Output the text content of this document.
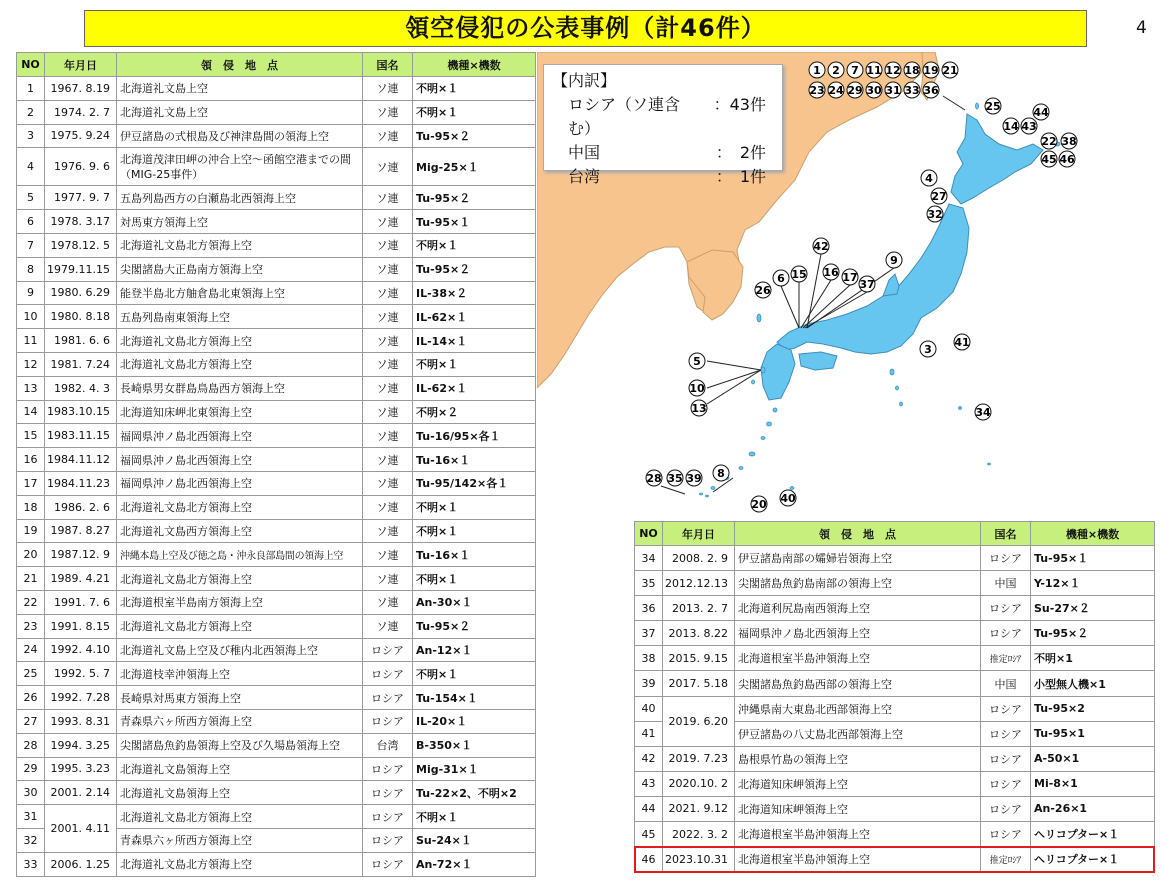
領空侵犯の公表事例（計46件）	4
NO	年月日	領　侵　地　点	国名	機種×機数
1	1967. 8.19	北海道礼文島上空	ソ連	不明×１
2	1974. 2. 7	北海道礼文島上空	ソ連	不明×１
3	1975. 9.24	伊豆諸島の式根島及び神津島間の領海上空	ソ連	Tu-95×２
4	1976. 9. 6	北海道茂津田岬の沖合上空～函館空港までの間（MIG-25事件）	ソ連	Mig-25×１
5	1977. 9. 7	五島列島西方の白瀬島北西領海上空	ソ連	Tu-95×２
6	1978. 3.17	対馬東方領海上空	ソ連	Tu-95×１
7	1978.12. 5	北海道礼文島北方領海上空	ソ連	不明×１
8	1979.11.15	尖閣諸島大正島南方領海上空	ソ連	Tu-95×２
9	1980. 6.29	能登半島北方舳倉島北東領海上空	ソ連	IL-38×２
10	1980. 8.18	五島列島南東領海上空	ソ連	IL-62×１
11	1981. 6. 6	北海道礼文島北方領海上空	ソ連	IL-14×１
12	1981. 7.24	北海道礼文島北方領海上空	ソ連	不明×１
13	1982. 4. 3	長崎県男女群島鳥島西方領海上空	ソ連	IL-62×１
14	1983.10.15	北海道知床岬北東領海上空	ソ連	不明×２
15	1983.11.15	福岡県沖ノ島北西領海上空	ソ連	Tu-16/95×各１
16	1984.11.12	福岡県沖ノ島北西領海上空	ソ連	Tu-16×１
17	1984.11.23	福岡県沖ノ島北西領海上空	ソ連	Tu-95/142×各１
18	1986. 2. 6	北海道礼文島北方領海上空	ソ連	不明×１
19	1987. 8.27	北海道礼文島西方領海上空	ソ連	不明×１
20	1987.12. 9	沖縄本島上空及び徳之島・沖永良部島間の領海上空	ソ連	Tu-16×１
21	1989. 4.21	北海道礼文島北方領海上空	ソ連	不明×１
22	1991. 7. 6	北海道根室半島南方領海上空	ソ連	An-30×１
23	1991. 8.15	北海道礼文島北方領海上空	ソ連	Tu-95×２
24	1992. 4.10	北海道礼文島上空及び稚内北西領海上空	ロシア	An-12×１
25	1992. 5. 7	北海道枝幸沖領海上空	ロシア	不明×１
26	1992. 7.28	長崎県対馬東方領海上空	ロシア	Tu-154×１
27	1993. 8.31	青森県六ヶ所西方領海上空	ロシア	IL-20×１
28	1994. 3.25	尖閣諸島魚釣島領海上空及び久場島領海上空	台湾	B-350×１
29	1995. 3.23	北海道礼文島領海上空	ロシア	Mig-31×１
30	2001. 2.14	北海道礼文島領海上空	ロシア	Tu-22×2、不明×2
31	2001. 4.11	北海道礼文島北方領海上空	ロシア	不明×１
32		青森県六ヶ所西方領海上空	ロシア	Su-24×１
33	2006. 1.25	北海道礼文島北方領海上空	ロシア	An-72×１
1 2 7 11 12 18 19 21
23 24 29 30 31 33 36
25	44
14 43
22 38
45 46
4
27
32
42
9
6 15 16 17
37
26
3
41
5
10
13	34
28 35 39 8
20 40
【内訳】
ロシア（ソ連含む）
：43件
中国	：　2件
台湾	：　1件
NO	年月日	領　侵　地　点	国名	機種×機数
34	2008. 2. 9	伊豆諸島南部の孀婦岩領海上空	ロシア	Tu-95×１
35	2012.12.13	尖閣諸島魚釣島南部の領海上空	中国	Y-12×１
36	2013. 2. 7	北海道利尻島南西領海上空	ロシア	Su-27×２
37	2013. 8.22	福岡県沖ノ島北西領海上空	ロシア	Tu-95×２
38	2015. 9.15	北海道根室半島沖領海上空	推定ﾛｼｱ	不明×1
39	2017. 5.18	尖閣諸島魚釣島西部の領海上空	中国	小型無人機×1
40	2019. 6.20	沖縄県南大東島北西部領海上空	ロシア	Tu-95×2
41		伊豆諸島の八丈島北西部領海上空	ロシア	Tu-95×1
42	2019. 7.23	島根県竹島の領海上空	ロシア	A-50×1
43	2020.10. 2	北海道知床岬領海上空	ロシア	Mi-8×1
44	2021. 9.12	北海道知床岬領海上空	ロシア	An-26×1
45	2022. 3. 2	北海道根室半島沖領海上空	ロシア	ヘリコプター×１
46	2023.10.31	北海道根室半島沖領海上空	推定ﾛｼｱ	ヘリコプター×１
